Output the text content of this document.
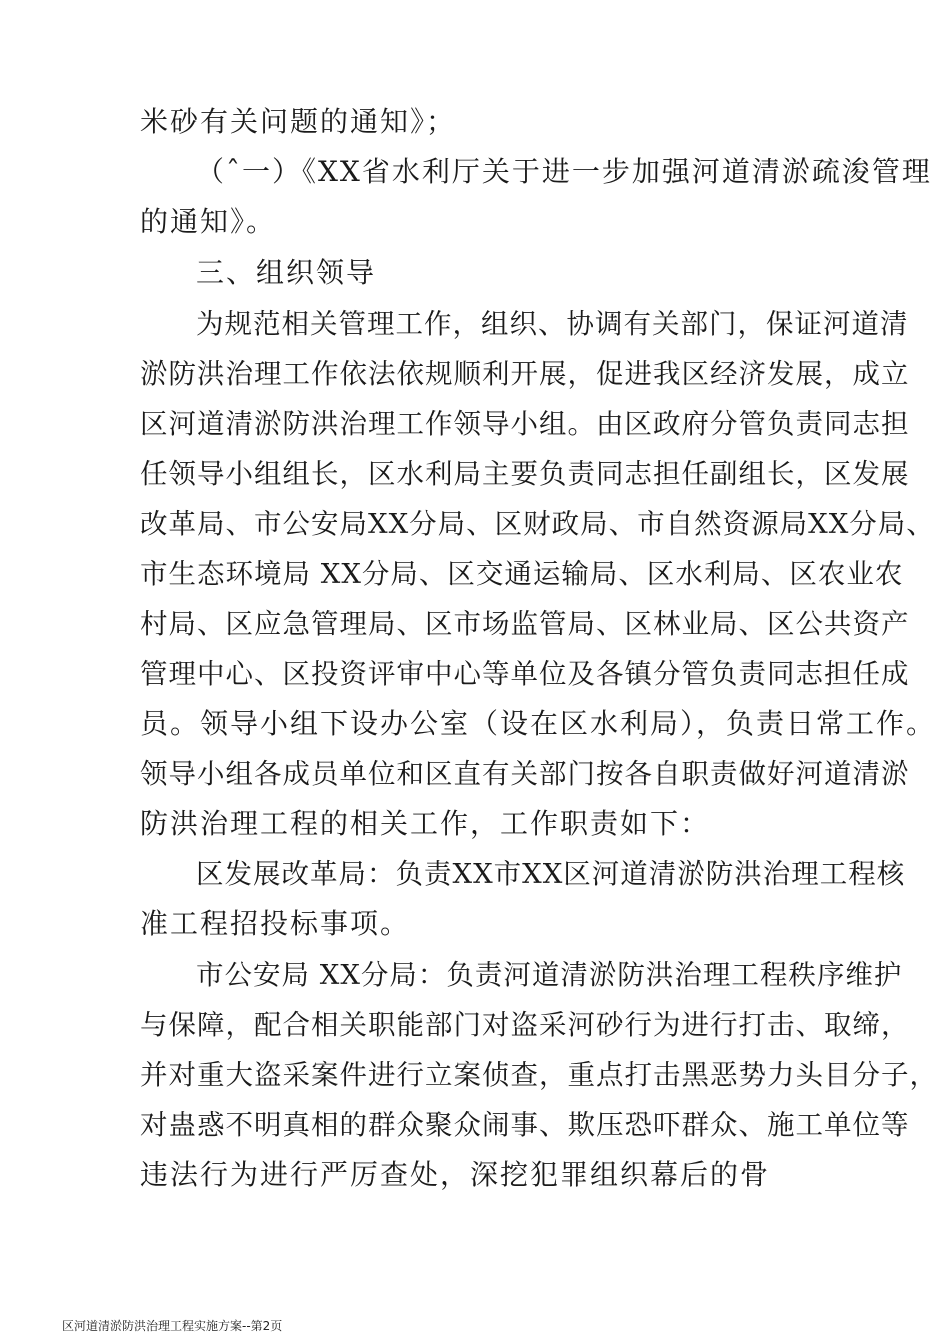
米砂有关问题的通知》；
（ˆ一）《XX省水利厅关于进一步加强河道清淤疏浚管理
的通知》。
三、组织领导
为规范相关管理工作，组织、协调有关部门，保证河道清
淤防洪治理工作依法依规顺利开展，促进我区经济发展，成立
区河道清淤防洪治理工作领导小组。由区政府分管负责同志担
任领导小组组长，区水利局主要负责同志担任副组长，区发展
改革局、市公安局XX分局、区财政局、市自然资源局XX分局、
市生态环境局 XX分局、区交通运输局、区水利局、区农业农
村局、区应急管理局、区市场监管局、区林业局、区公共资产
管理中心、区投资评审中心等单位及各镇分管负责同志担任成
员。领导小组下设办公室（设在区水利局），负责日常工作。
领导小组各成员单位和区直有关部门按各自职责做好河道清淤
防洪治理工程的相关工作，工作职责如下：
区发展改革局：负责XX市XX区河道清淤防洪治理工程核
准工程招投标事项。
市公安局 XX分局：负责河道清淤防洪治理工程秩序维护
与保障，配合相关职能部门对盗采河砂行为进行打击、取缔，
并对重大盗采案件进行立案侦查，重点打击黑恶势力头目分子，
对蛊惑不明真相的群众聚众闹事、欺压恐吓群众、施工单位等
违法行为进行严厉查处，深挖犯罪组织幕后的骨
区河道清淤防洪治理工程实施方案--第2页
